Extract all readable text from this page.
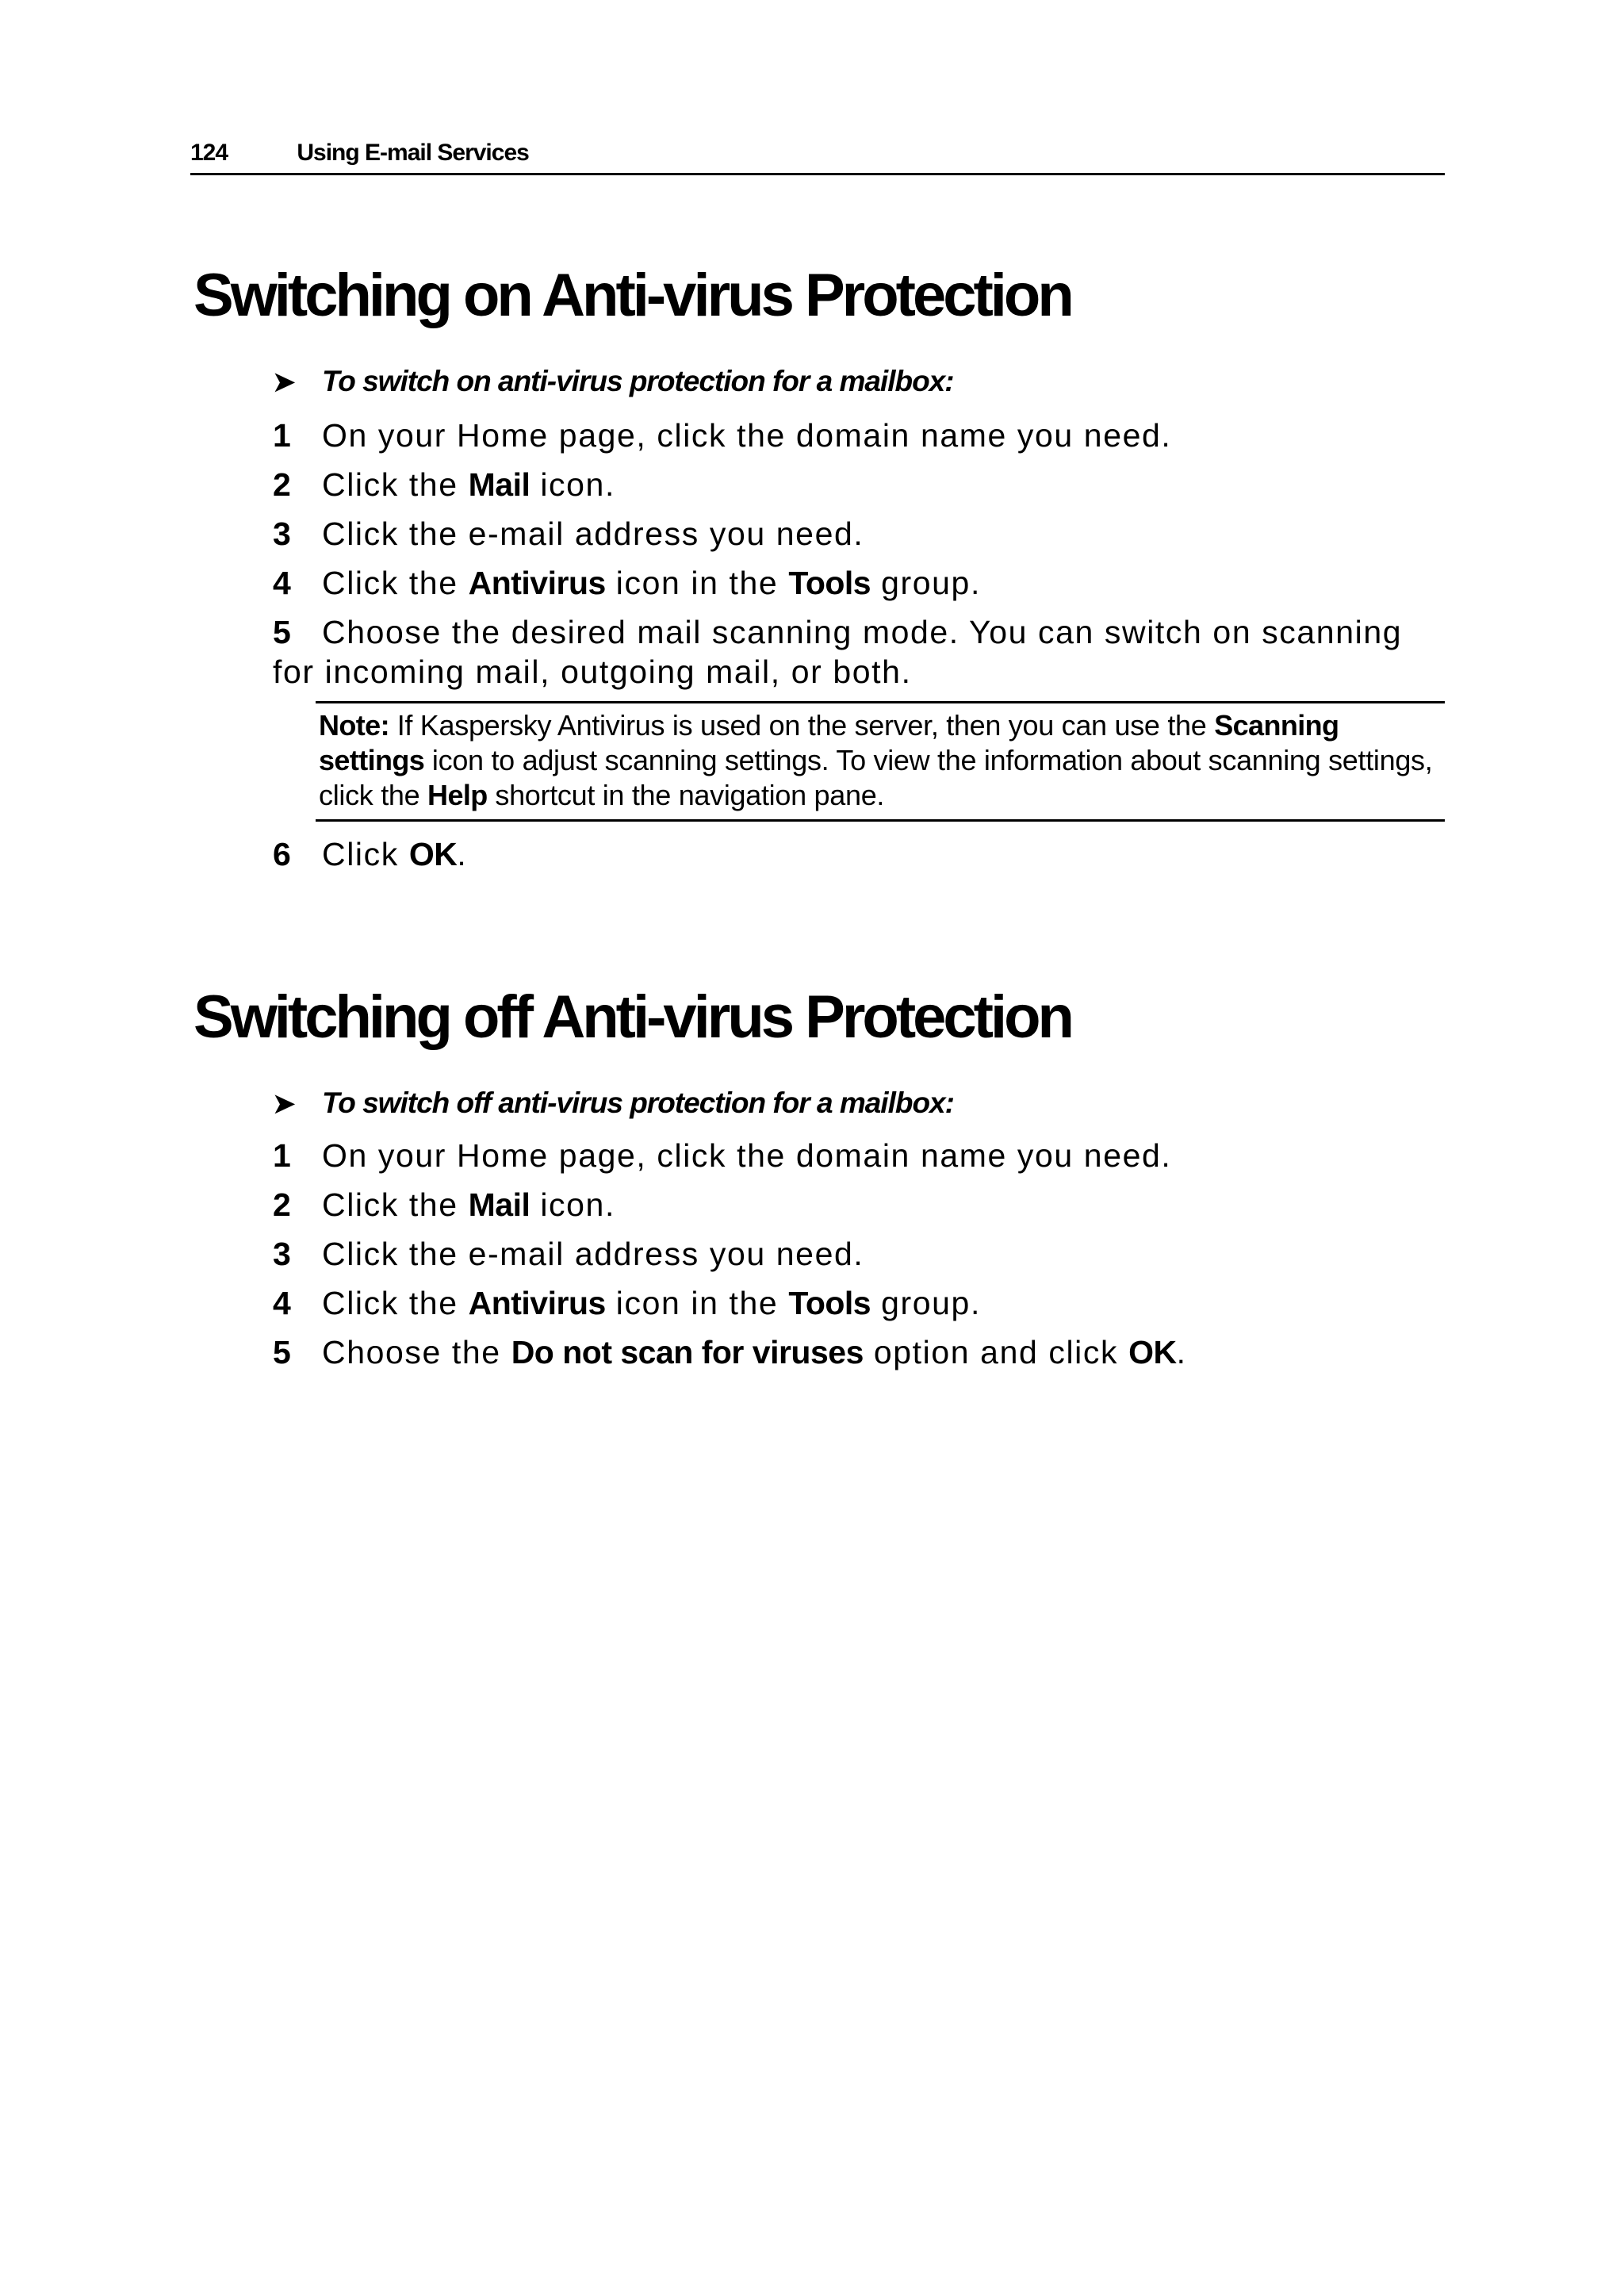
124	Using E-mail Services
Switching on Anti-virus Protection
➤ To switch on anti-virus protection for a mailbox:
1 On your Home page, click the domain name you need.
2 Click the Mail icon.
3 Click the e-mail address you need.
4 Click the Antivirus icon in the Tools group.
5 Choose the desired mail scanning mode. You can switch on scanning for incoming mail, outgoing mail, or both.
Note: If Kaspersky Antivirus is used on the server, then you can use the Scanning settings icon to adjust scanning settings. To view the information about scanning settings, click the Help shortcut in the navigation pane.
6 Click OK.
Switching off Anti-virus Protection
➤ To switch off anti-virus protection for a mailbox:
1 On your Home page, click the domain name you need.
2 Click the Mail icon.
3 Click the e-mail address you need.
4 Click the Antivirus icon in the Tools group.
5 Choose the Do not scan for viruses option and click OK.
